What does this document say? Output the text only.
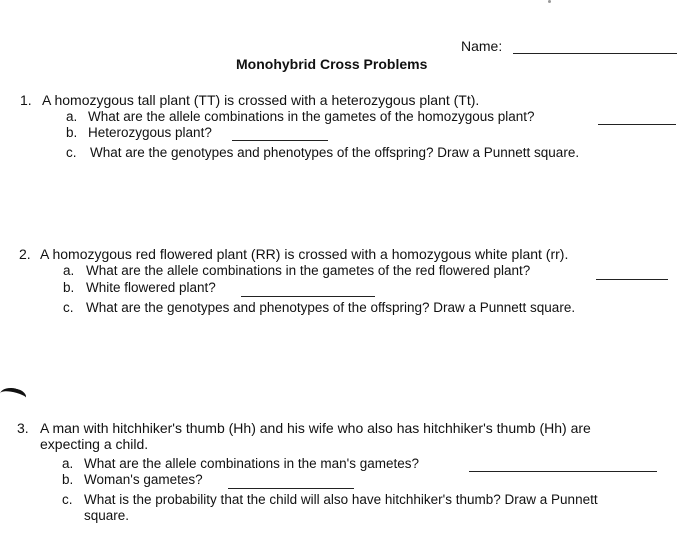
Name:
Monohybrid Cross Problems
1. A homozygous tall plant (TT) is crossed with a heterozygous plant (Tt).
a. What are the allele combinations in the gametes of the homozygous plant?
b. Heterozygous plant?
c. What are the genotypes and phenotypes of the offspring? Draw a Punnett square.
2. A homozygous red flowered plant (RR) is crossed with a homozygous white plant (rr).
a. What are the allele combinations in the gametes of the red flowered plant?
b. White flowered plant?
c. What are the genotypes and phenotypes of the offspring? Draw a Punnett square.
3. A man with hitchhiker's thumb (Hh) and his wife who also has hitchhiker's thumb (Hh) are
expecting a child.
a. What are the allele combinations in the man's gametes?
b. Woman's gametes?
c. What is the probability that the child will also have hitchhiker's thumb? Draw a Punnett
square.
